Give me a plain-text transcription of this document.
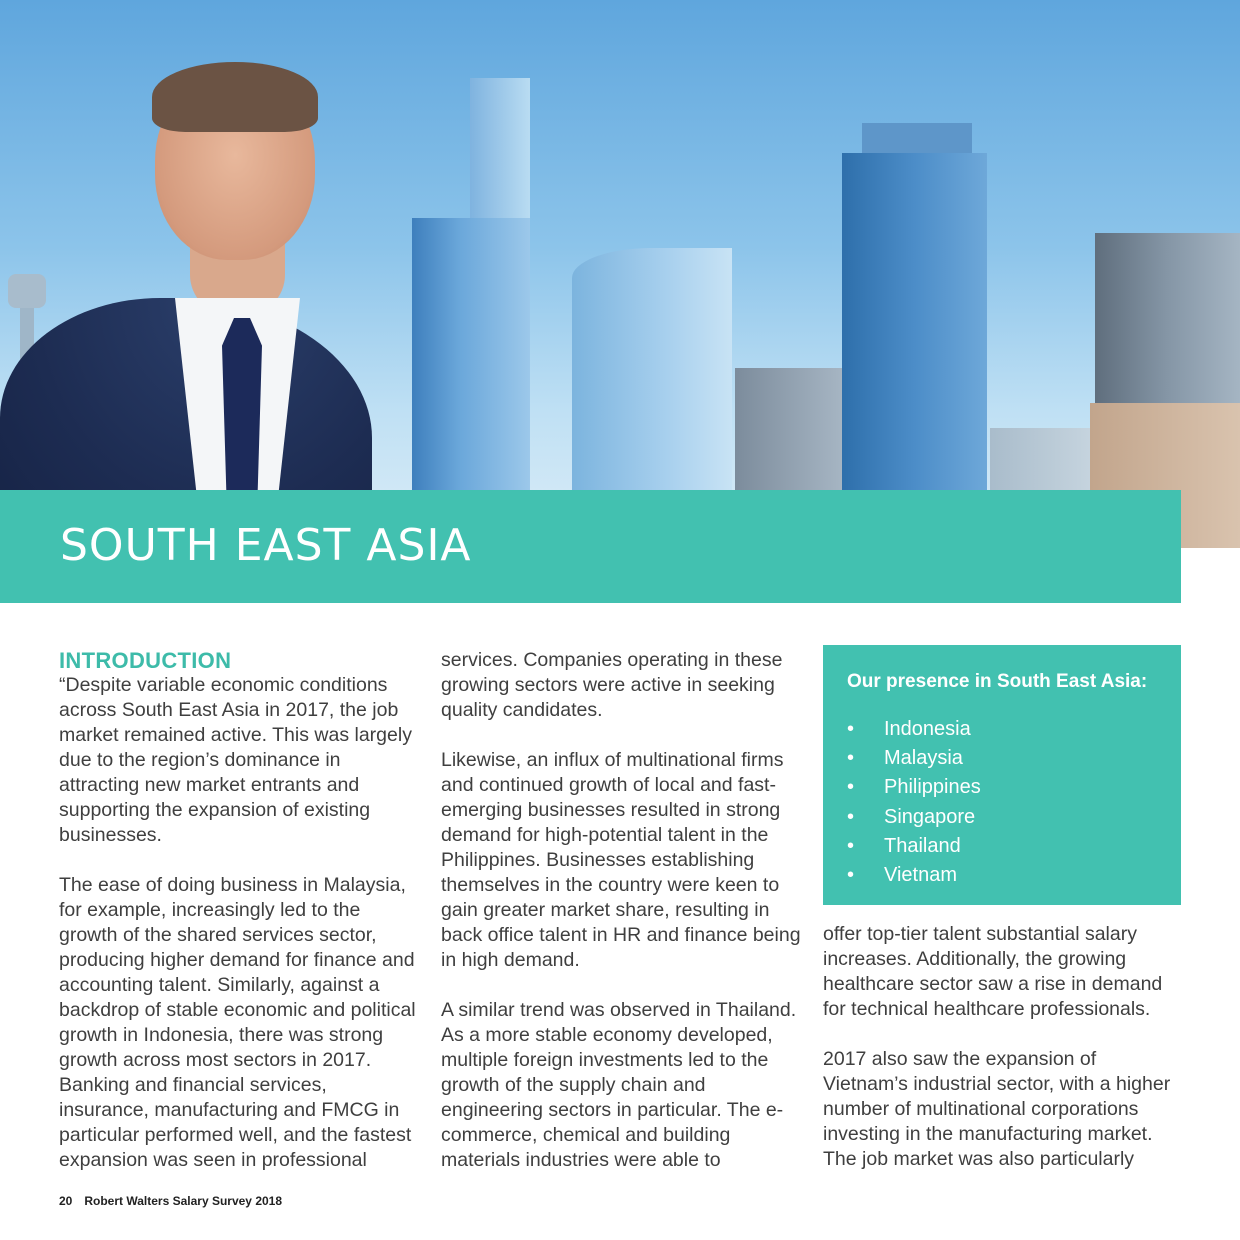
SOUTH EAST ASIA
INTRODUCTION

“Despite variable economic conditions across South East Asia in 2017, the job market remained active. This was largely due to the region’s dominance in attracting new market entrants and supporting the expansion of existing businesses.

The ease of doing business in Malaysia, for example, increasingly led to the growth of the shared services sector, producing higher demand for finance and accounting talent. Similarly, against a backdrop of stable economic and political growth in Indonesia, there was strong growth across most sectors in 2017. Banking and financial services, insurance, manufacturing and FMCG in particular performed well, and the fastest expansion was seen in professional

services. Companies operating in these growing sectors were active in seeking quality candidates.

Likewise, an influx of multinational firms and continued growth of local and fast-emerging businesses resulted in strong demand for high-potential talent in the Philippines. Businesses establishing themselves in the country were keen to gain greater market share, resulting in back office talent in HR and finance being in high demand.

A similar trend was observed in Thailand. As a more stable economy developed, multiple foreign investments led to the growth of the supply chain and engineering sectors in particular. The e-commerce, chemical and building materials industries were able to

Our presence in South East Asia:
•	Indonesia
•	Malaysia
•	Philippines
•	Singapore
•	Thailand
•	Vietnam

offer top-tier talent substantial salary increases. Additionally, the growing healthcare sector saw a rise in demand for technical healthcare professionals.

2017 also saw the expansion of Vietnam’s industrial sector, with a higher number of multinational corporations investing in the manufacturing market. The job market was also particularly

20 Robert Walters Salary Survey 2018
